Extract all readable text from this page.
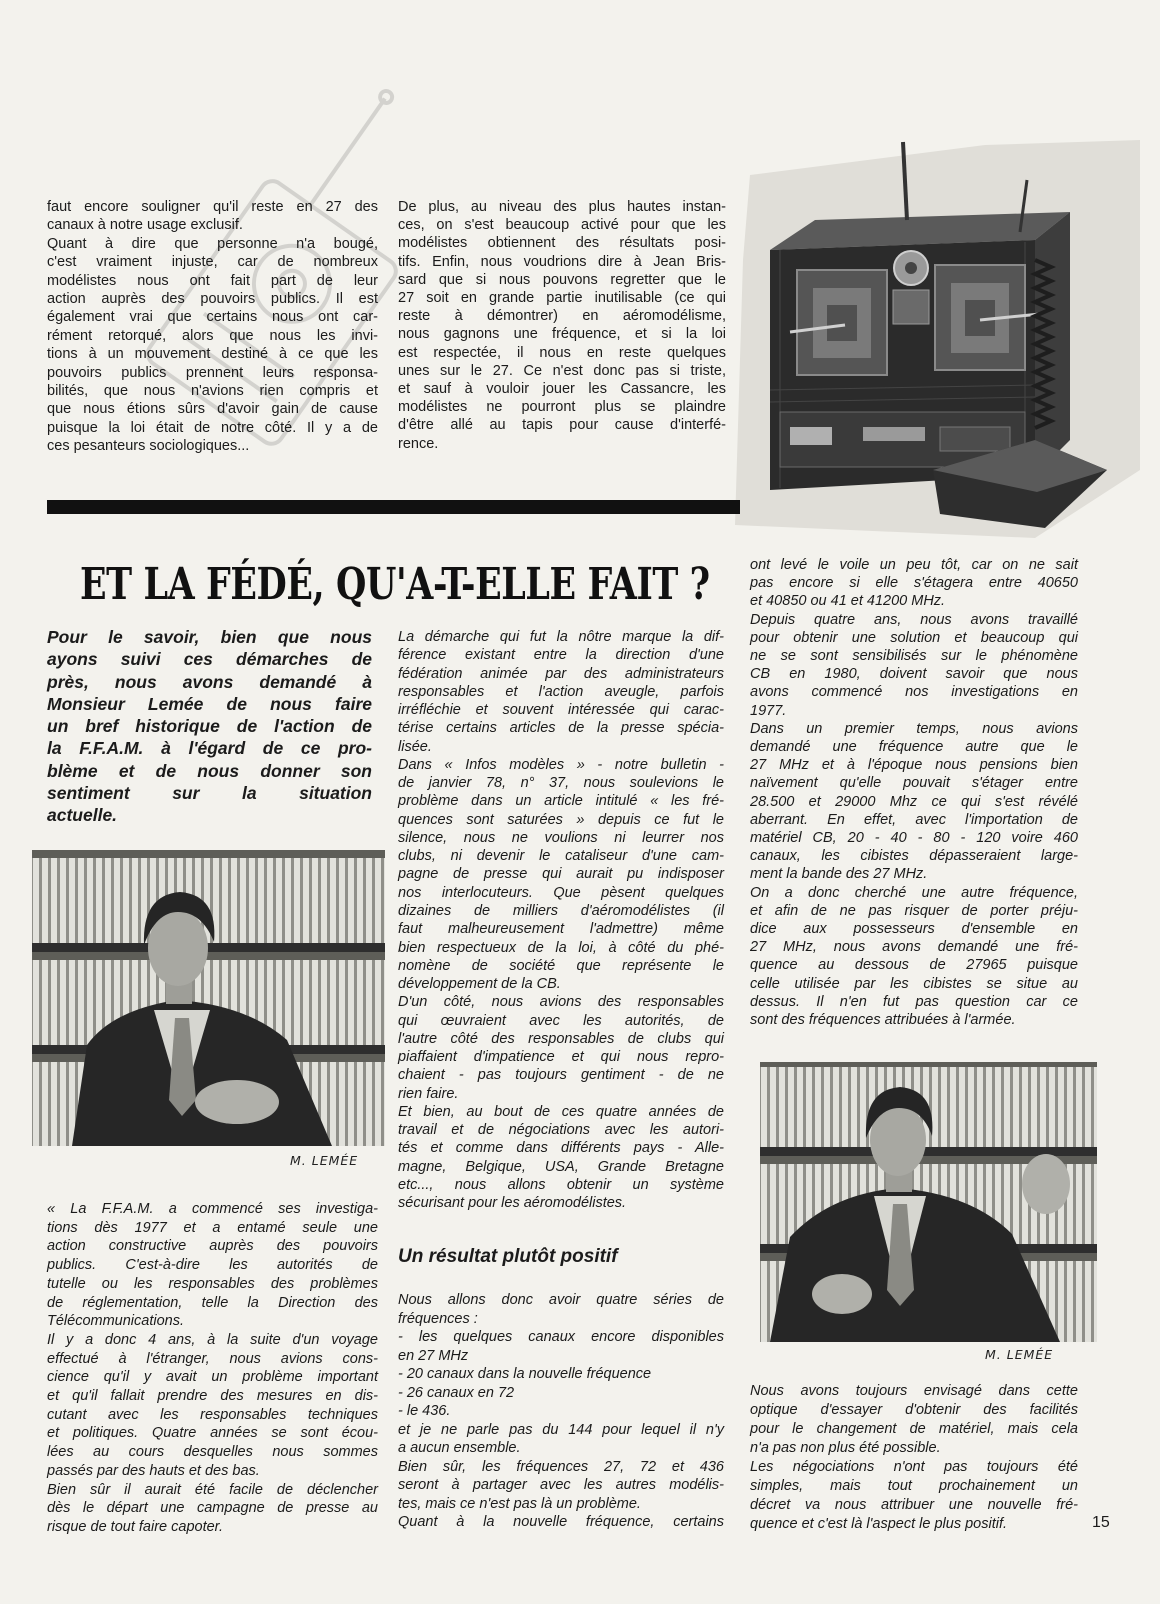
faut encore souligner qu'il reste en 27 des
canaux à notre usage exclusif.
Quant à dire que personne n'a bougé,
c'est vraiment injuste, car de nombreux
modélistes nous ont fait part de leur
action auprès des pouvoirs publics. Il est
également vrai que certains nous ont car-
rément retorqué, alors que nous les invi-
tions à un mouvement destiné à ce que les
pouvoirs publics prennent leurs responsa-
bilités, que nous n'avions rien compris et
que nous étions sûrs d'avoir gain de cause
puisque la loi était de notre côté. Il y a de
ces pesanteurs sociologiques...
De plus, au niveau des plus hautes instan-
ces, on s'est beaucoup activé pour que les
modélistes obtiennent des résultats posi-
tifs. Enfin, nous voudrions dire à Jean Bris-
sard que si nous pouvons regretter que le
27 soit en grande partie inutilisable (ce qui
reste à démontrer) en aéromodélisme,
nous gagnons une fréquence, et si la loi
est respectée, il nous en reste quelques
unes sur le 27. Ce n'est donc pas si triste,
et sauf à vouloir jouer les Cassancre, les
modélistes ne pourront plus se plaindre
d'être allé au tapis pour cause d'interfé-
rence.
ET LA FÉDÉ, QU'A-T-ELLE FAIT ?
Pour le savoir, bien que nous
ayons suivi ces démarches de
près, nous avons demandé à
Monsieur Lemée de nous faire
un bref historique de l'action de
la F.F.A.M. à l'égard de ce pro-
blème et de nous donner son
sentiment sur la situation
actuelle.
M. LEMÉE
« La F.F.A.M. a commencé ses investiga-
tions dès 1977 et a entamé seule une
action constructive auprès des pouvoirs
publics. C'est-à-dire les autorités de
tutelle ou les responsables des problèmes
de réglementation, telle la Direction des
Télécommunications.
Il y a donc 4 ans, à la suite d'un voyage
effectué à l'étranger, nous avions cons-
cience qu'il y avait un problème important
et qu'il fallait prendre des mesures en dis-
cutant avec les responsables techniques
et politiques. Quatre années se sont écou-
lées au cours desquelles nous sommes
passés par des hauts et des bas.
Bien sûr il aurait été facile de déclencher
dès le départ une campagne de presse au
risque de tout faire capoter.
La démarche qui fut la nôtre marque la dif-
férence existant entre la direction d'une
fédération animée par des administrateurs
responsables et l'action aveugle, parfois
irréfléchie et souvent intéressée qui carac-
térise certains articles de la presse spécia-
lisée.
Dans « Infos modèles » - notre bulletin -
de janvier 78, n° 37, nous soulevions le
problème dans un article intitulé « les fré-
quences sont saturées » depuis ce fut le
silence, nous ne voulions ni leurrer nos
clubs, ni devenir le cataliseur d'une cam-
pagne de presse qui aurait pu indisposer
nos interlocuteurs. Que pèsent quelques
dizaines de milliers d'aéromodélistes (il
faut malheureusement l'admettre) même
bien respectueux de la loi, à côté du phé-
nomène de société que représente le
développement de la CB.
D'un côté, nous avions des responsables
qui œuvraient avec les autorités, de
l'autre côté des responsables de clubs qui
piaffaient d'impatience et qui nous repro-
chaient - pas toujours gentiment - de ne
rien faire.
Et bien, au bout de ces quatre années de
travail et de négociations avec les autori-
tés et comme dans différents pays - Alle-
magne, Belgique, USA, Grande Bretagne
etc..., nous allons obtenir un système
sécurisant pour les aéromodélistes.
Un résultat plutôt positif
Nous allons donc avoir quatre séries de
fréquences :
- les quelques canaux encore disponibles
en 27 MHz
- 20 canaux dans la nouvelle fréquence
- 26 canaux en 72
- le 436.
et je ne parle pas du 144 pour lequel il n'y
a aucun ensemble.
Bien sûr, les fréquences 27, 72 et 436
seront à partager avec les autres modélis-
tes, mais ce n'est pas là un problème.
Quant à la nouvelle fréquence, certains
ont levé le voile un peu tôt, car on ne sait
pas encore si elle s'étagera entre 40650
et 40850 ou 41 et 41200 MHz.
Depuis quatre ans, nous avons travaillé
pour obtenir une solution et beaucoup qui
ne se sont sensibilisés sur le phénomène
CB en 1980, doivent savoir que nous
avons commencé nos investigations en
1977.
Dans un premier temps, nous avions
demandé une fréquence autre que le
27 MHz et à l'époque nous pensions bien
naïvement qu'elle pouvait s'étager entre
28.500 et 29000 Mhz ce qui s'est révélé
aberrant. En effet, avec l'importation de
matériel CB, 20 - 40 - 80 - 120 voire 460
canaux, les cibistes dépasseraient large-
ment la bande des 27 MHz.
On a donc cherché une autre fréquence,
et afin de ne pas risquer de porter préju-
dice aux possesseurs d'ensemble en
27 MHz, nous avons demandé une fré-
quence au dessous de 27965 puisque
celle utilisée par les cibistes se situe au
dessus. Il n'en fut pas question car ce
sont des fréquences attribuées à l'armée.
M. LEMÉE
Nous avons toujours envisagé dans cette
optique d'essayer d'obtenir des facilités
pour le changement de matériel, mais cela
n'a pas non plus été possible.
Les négociations n'ont pas toujours été
simples, mais tout prochainement un
décret va nous attribuer une nouvelle fré-
quence et c'est là l'aspect le plus positif.	15
